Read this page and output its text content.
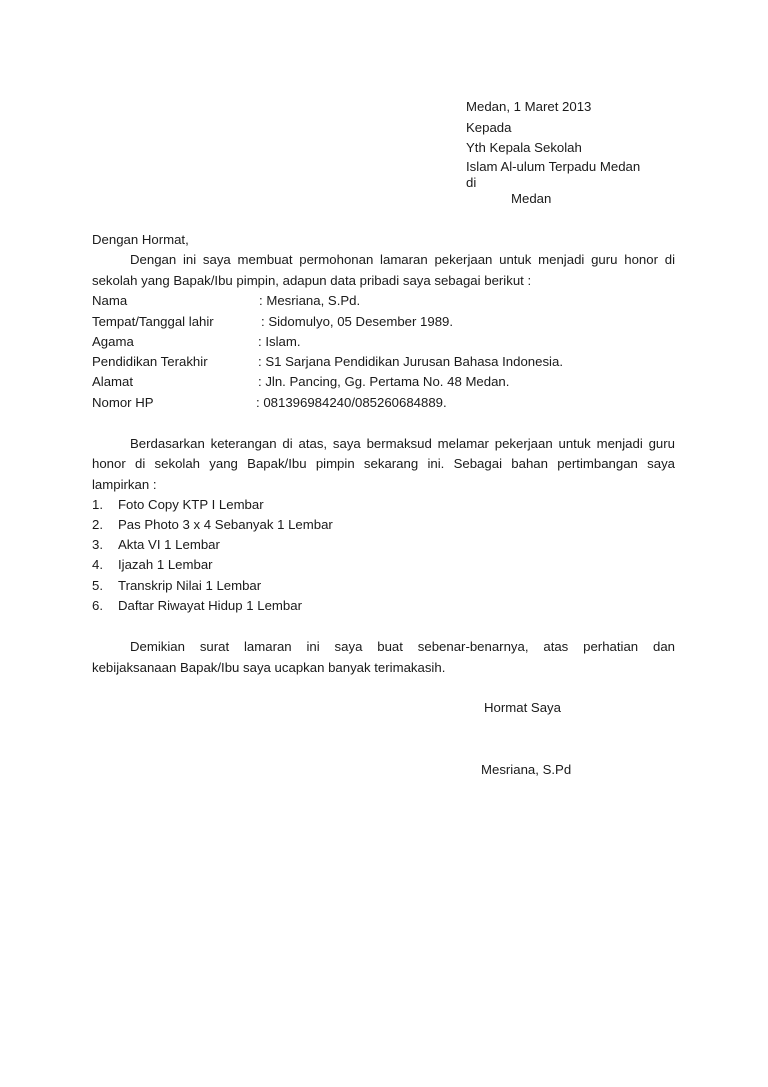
Medan, 1 Maret 2013
Kepada
Yth Kepala Sekolah
Islam Al-ulum Terpadu Medan
di
Medan
Dengan Hormat,
Dengan ini saya membuat permohonan lamaran pekerjaan untuk menjadi guru honor di
sekolah yang Bapak/Ibu pimpin, adapun data pribadi saya sebagai berikut :
Nama	: Mesriana, S.Pd.
Tempat/Tanggal lahir	: Sidomulyo, 05 Desember 1989.
Agama	: Islam.
Pendidikan Terakhir	: S1 Sarjana Pendidikan Jurusan Bahasa Indonesia.
Alamat	: Jln. Pancing, Gg. Pertama No. 48 Medan.
Nomor HP	: 081396984240/085260684889.
Berdasarkan keterangan di atas, saya bermaksud melamar pekerjaan untuk menjadi guru
honor di sekolah yang Bapak/Ibu pimpin sekarang ini. Sebagai bahan pertimbangan saya
lampirkan :
1. Foto Copy KTP I Lembar
2. Pas Photo 3 x 4 Sebanyak 1 Lembar
3. Akta VI 1 Lembar
4. Ijazah 1 Lembar
5. Transkrip Nilai 1 Lembar
6. Daftar Riwayat Hidup 1 Lembar
Demikian surat lamaran ini saya buat sebenar-benarnya, atas perhatian dan
kebijaksanaan Bapak/Ibu saya ucapkan banyak terimakasih.
Hormat Saya
Mesriana, S.Pd
